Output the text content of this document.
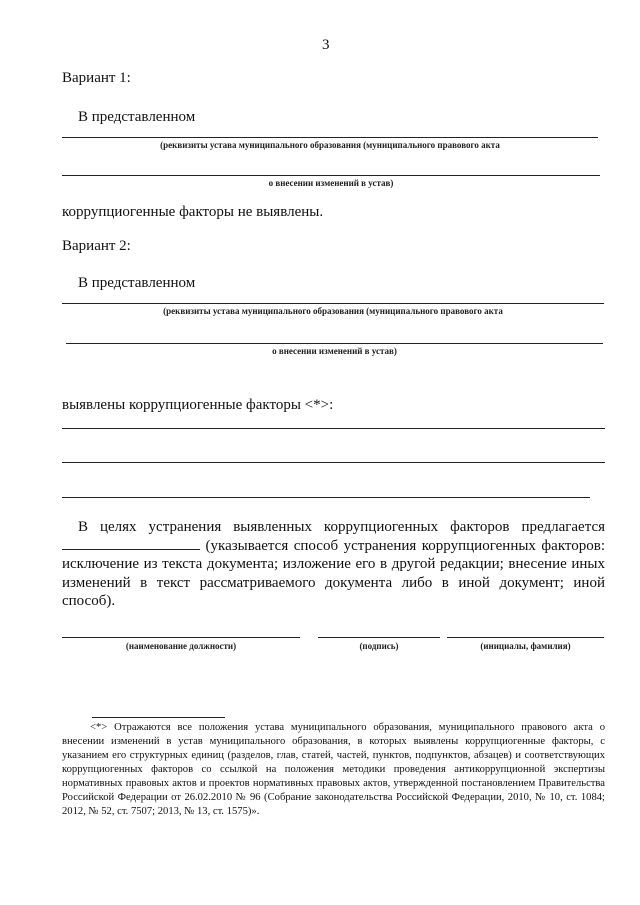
3
Вариант 1:
В представленном
(реквизиты устава муниципального образования (муниципального правового акта
о внесении изменений в устав)
коррупциогенные факторы не выявлены.
Вариант 2:
В представленном
(реквизиты устава муниципального образования (муниципального правового акта
о внесении изменений в устав)
выявлены коррупциогенные факторы <*>:
В целях устранения выявленных коррупциогенных факторов предлагается
(указывается способ устранения коррупциогенных факторов: исключение из текста документа; изложение его в другой редакции; внесение иных изменений в текст рассматриваемого документа либо в иной документ; иной способ).
(наименование должности)	(подпись)	(инициалы, фамилия)
<*> Отражаются все положения устава муниципального образования, муниципального правового акта о внесении изменений в устав муниципального образования, в которых выявлены коррупциогенные факторы, с указанием его структурных единиц (разделов, глав, статей, частей, пунктов, подпунктов, абзацев) и соответствующих коррупциогенных факторов со ссылкой на положения методики проведения антикоррупционной экспертизы нормативных правовых актов и проектов нормативных правовых актов, утвержденной постановлением Правительства Российской Федерации от 26.02.2010 № 96 (Собрание законодательства Российской Федерации, 2010, № 10, ст. 1084; 2012, № 52, ст. 7507; 2013, № 13, ст. 1575)».
